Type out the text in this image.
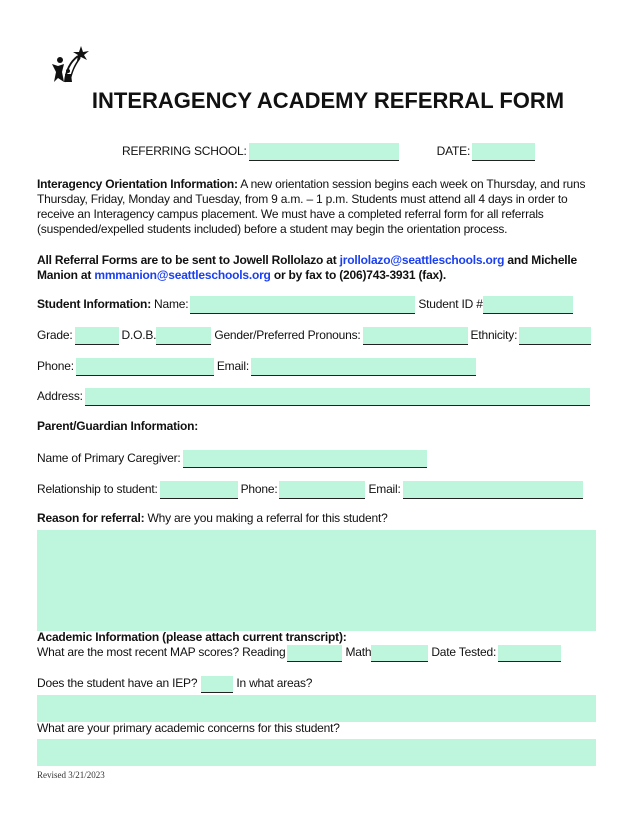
INTERAGENCY ACADEMY REFERRAL FORM
REFERRING SCHOOL:	DATE:
Interagency Orientation Information: A new orientation session begins each week on Thursday, and runs Thursday, Friday, Monday and Tuesday, from 9 a.m. – 1 p.m. Students must attend all 4 days in order to receive an Interagency campus placement. We must have a completed referral form for all referrals (suspended/expelled students included) before a student may begin the orientation process.
All Referral Forms are to be sent to Jowell Rollolazo at jrollolazo@seattleschools.org and Michelle Manion at mmmanion@seattleschools.org or by fax to (206)743-3931 (fax).
Student Information: Name:	Student ID #
Grade:	D.O.B.	Gender/Preferred Pronouns:	Ethnicity:
Phone:	Email:
Address:
Parent/Guardian Information:
Name of Primary Caregiver:
Relationship to student:	Phone:	Email:
Reason for referral: Why are you making a referral for this student?
Academic Information (please attach current transcript):
What are the most recent MAP scores? Reading	Math	Date Tested:
Does the student have an IEP?	In what areas?
What are your primary academic concerns for this student?
Revised 3/21/2023
